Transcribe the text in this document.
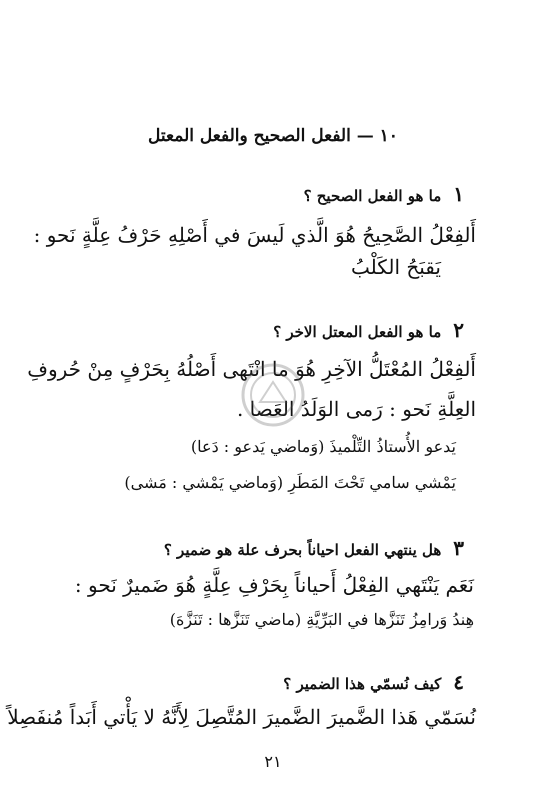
١٠ — الفعل الصحيح والفعل المعتل
١ما هو الفعل الصحيح ؟
أَلفِعْلُ الصَّحِيحُ هُوَ الَّذي لَيسَ في أَصْلِهِ حَرْفُ عِلَّةٍ نَحو :
يَقبَحُ الكَلْبُ
٢ما هو الفعل المعتل الاخر ؟
أَلفِعْلُ المُعْتَلُّ الآخِرِ هُوَ ما انْتَهى أَصْلُهُ بِحَرْفٍ مِنْ حُروفِ
العِلَّةِ نَحو : رَمى الوَلَدُ العَصا .
يَدعو الأُستاذُ التِّلْميذَ (وَماضي يَدعو : دَعا)
يَمْشي سامي تَحْتَ المَطَرِ (وَماضي يَمْشي : مَشى)
٣هل ينتهي الفعل احياناً بحرف علة هو ضمير ؟
نَعَم يَنْتَهي الفِعْلُ أَحياناً بِحَرْفِ عِلَّةٍ هُوَ ضَميرٌ نَحو :
هِندُ وَرامِزُ تَنَزَّها في البَرِّيَّةِ (ماضي تَنَزَّها : تَنَزَّهَ)
٤كيف نُسمّي هذا الضمير ؟
نُسَمّي هَذا الضَّميرَ الضَّميرَ المُتَّصِلَ لِأَنَّهُ لا يَأْتي أَبَداً مُنفَصِلاً
٢١
